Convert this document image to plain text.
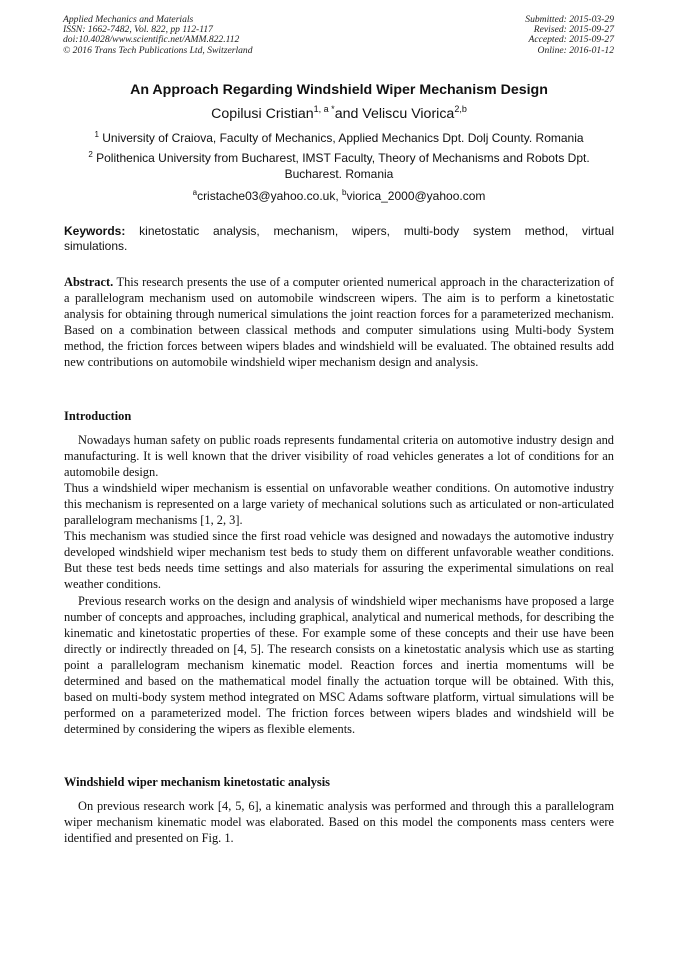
Applied Mechanics and Materials
ISSN: 1662-7482, Vol. 822, pp 112-117
doi:10.4028/www.scientific.net/AMM.822.112
© 2016 Trans Tech Publications Ltd, Switzerland
Submitted: 2015-03-29
Revised: 2015-09-27
Accepted: 2015-09-27
Online: 2016-01-12
An Approach Regarding Windshield Wiper Mechanism Design
Copilusi Cristian$^{1, a *}$and Veliscu Viorica$^{2,b}$
$^1$ University of Craiova, Faculty of Mechanics, Applied Mechanics Dpt. Dolj County. Romania
$^2$ Polithenica University from Bucharest, IMST Faculty, Theory of Mechanisms and Robots Dpt. Bucharest. Romania
$^a$cristache03@yahoo.co.uk, $^b$viorica_2000@yahoo.com
Keywords: kinetostatic analysis, mechanism, wipers, multi-body system method, virtual simulations.
Abstract. This research presents the use of a computer oriented numerical approach in the characterization of a parallelogram mechanism used on automobile windscreen wipers. The aim is to perform a kinetostatic analysis for obtaining through numerical simulations the joint reaction forces for a parameterized mechanism. Based on a combination between classical methods and computer simulations using Multi-body System method, the friction forces between wipers blades and windshield will be evaluated. The obtained results add new contributions on automobile windshield wiper mechanism design and analysis.
Introduction
Nowadays human safety on public roads represents fundamental criteria on automotive industry design and manufacturing. It is well known that the driver visibility of road vehicles generates a lot of conditions for an automobile design.
Thus a windshield wiper mechanism is essential on unfavorable weather conditions. On automotive industry this mechanism is represented on a large variety of mechanical solutions such as articulated or non-articulated parallelogram mechanisms [1, 2, 3].
This mechanism was studied since the first road vehicle was designed and nowadays the automotive industry developed windshield wiper mechanism test beds to study them on different unfavorable weather conditions. But these test beds needs time settings and also materials for assuring the experimental simulations on real weather conditions.
Previous research works on the design and analysis of windshield wiper mechanisms have proposed a large number of concepts and approaches, including graphical, analytical and numerical methods, for describing the kinematic and kinetostatic properties of these. For example some of these concepts and their use have been directly or indirectly threaded on [4, 5]. The research consists on a kinetostatic analysis which use as starting point a parallelogram mechanism kinematic model. Reaction forces and inertia momentums will be determined and based on the mathematical model finally the actuation torque will be obtained. With this, based on multi-body system method integrated on MSC Adams software platform, virtual simulations will be performed on a parameterized model. The friction forces between wipers blades and windshield will be determined by considering the wipers as flexible elements.
Windshield wiper mechanism kinetostatic analysis
On previous research work [4, 5, 6], a kinematic analysis was performed and through this a parallelogram wiper mechanism kinematic model was elaborated. Based on this model the components mass centers were identified and presented on Fig. 1.
